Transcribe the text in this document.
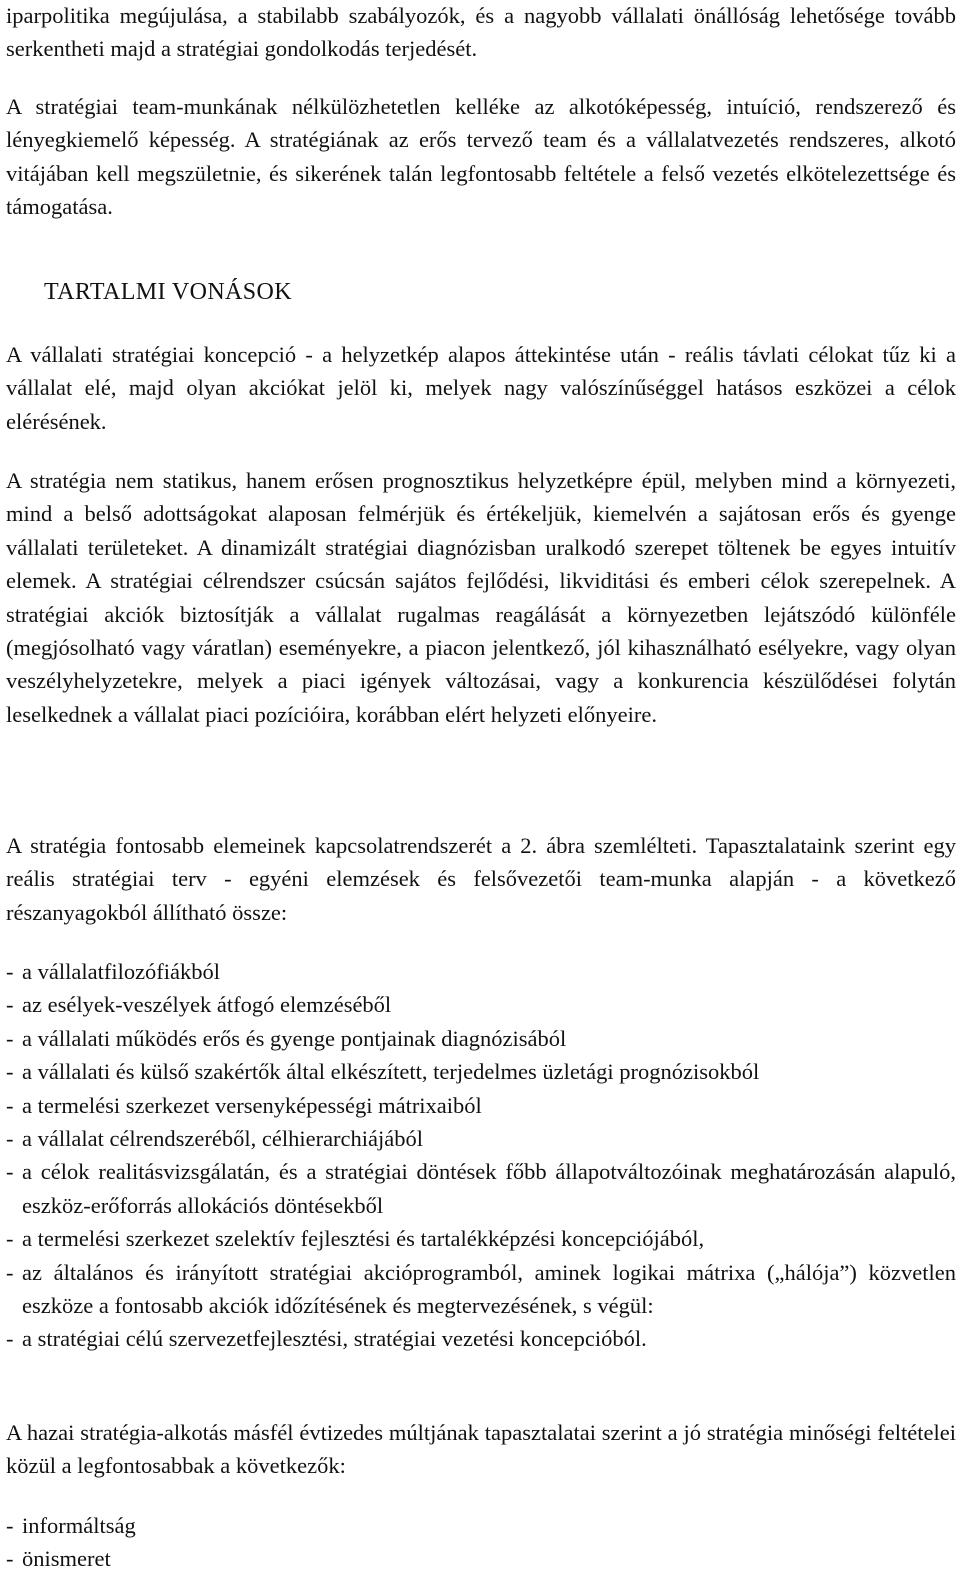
iparpolitika megújulása, a stabilabb szabályozók, és a nagyobb vállalati önállóság lehetősége tovább serkentheti majd a stratégiai gondolkodás terjedését.

A stratégiai team-munkának nélkülözhetetlen kelléke az alkotóképesség, intuíció, rendszerező és lényegkiemelő képesség. A stratégiának az erős tervező team és a vállalatvezetés rendszeres, alkotó vitájában kell megszületnie, és sikerének talán legfontosabb feltétele a felső vezetés elkötelezettsége és támogatása.

TARTALMI VONÁSOK

A vállalati stratégiai koncepció - a helyzetkép alapos áttekintése után - reális távlati célokat tűz ki a vállalat elé, majd olyan akciókat jelöl ki, melyek nagy valószínűséggel hatásos eszközei a célok elérésének.

A stratégia nem statikus, hanem erősen prognosztikus helyzetképre épül, melyben mind a környezeti, mind a belső adottságokat alaposan felmérjük és értékeljük, kiemelvén a sajátosan erős és gyenge vállalati területeket. A dinamizált stratégiai diagnózisban uralkodó szerepet töltenek be egyes intuitív elemek. A stratégiai célrendszer csúcsán sajátos fejlődési, likviditási és emberi célok szerepelnek. A stratégiai akciók biztosítják a vállalat rugalmas reagálását a környezetben lejátszódó különféle (megjósolható vagy váratlan) eseményekre, a piacon jelentkező, jól kihasználható esélyekre, vagy olyan veszélyhelyzetekre, melyek a piaci igények változásai, vagy a konkurencia készülődései folytán leselkednek a vállalat piaci pozícióira, korábban elért helyzeti előnyeire.

A stratégia fontosabb elemeinek kapcsolatrendszerét a 2. ábra szemlélteti. Tapasztalataink szerint egy reális stratégiai terv - egyéni elemzések és felsővezetői team-munka alapján - a következő részanyagokból állítható össze:

- a vállalatfilozófiákból
- az esélyek-veszélyek átfogó elemzéséből
- a vállalati működés erős és gyenge pontjainak diagnózisából
- a vállalati és külső szakértők által elkészített, terjedelmes üzletági prognózisokból
- a termelési szerkezet versenyképességi mátrixaiból
- a vállalat célrendszeréből, célhierarchiájából
- a célok realitásvizsgálatán, és a stratégiai döntések főbb állapotváltozóinak meghatározásán alapuló, eszköz-erőforrás allokációs döntésekből
- a termelési szerkezet szelektív fejlesztési és tartalékképzési koncepciójából,
- az általános és irányított stratégiai akcióprogramból, aminek logikai mátrixa („hálója”) közvetlen eszköze a fontosabb akciók időzítésének és megtervezésének, s végül:
- a stratégiai célú szervezetfejlesztési, stratégiai vezetési koncepcióból.

A hazai stratégia-alkotás másfél évtizedes múltjának tapasztalatai szerint a jó stratégia minőségi feltételei közül a legfontosabbak a következők:

- informáltság
- önismeret
